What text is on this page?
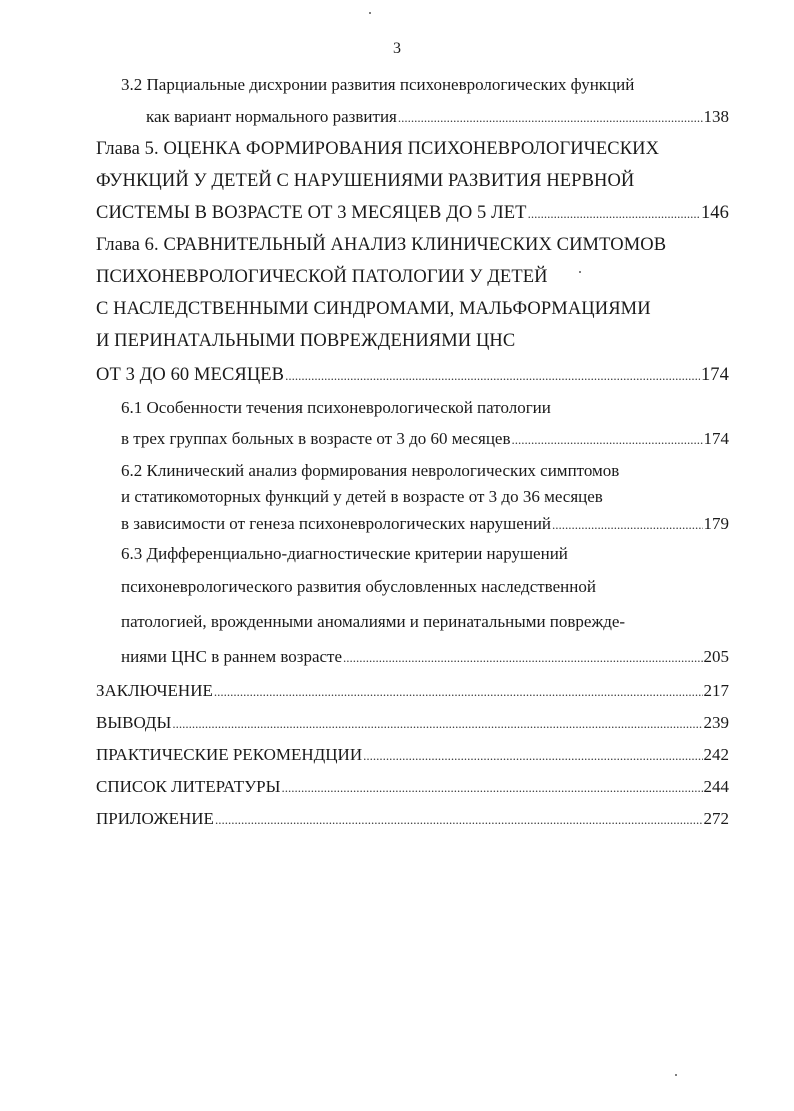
3
3.2 Парциальные дисхронии развития психоневрологических функций
как вариант нормального развития .....	138
Глава 5. ОЦЕНКА ФОРМИРОВАНИЯ ПСИХОНЕВРОЛОГИЧЕСКИХ
ФУНКЦИЙ У ДЕТЕЙ С НАРУШЕНИЯМИ РАЗВИТИЯ НЕРВНОЙ
СИСТЕМЫ В ВОЗРАСТЕ ОТ 3 МЕСЯЦЕВ ДО 5 ЛЕТ .....	146
Глава 6. СРАВНИТЕЛЬНЫЙ АНАЛИЗ КЛИНИЧЕСКИХ СИМТОМОВ
ПСИХОНЕВРОЛОГИЧЕСКОЙ ПАТОЛОГИИ У ДЕТЕЙ
С НАСЛЕДСТВЕННЫМИ СИНДРОМАМИ, МАЛЬФОРМАЦИЯМИ
И ПЕРИНАТАЛЬНЫМИ ПОВРЕЖДЕНИЯМИ ЦНС
ОТ 3 ДО 60 МЕСЯЦЕВ .....	174
6.1 Особенности течения психоневрологической патологии
в трех группах больных в возрасте от 3 до 60 месяцев .....	174
6.2 Клинический анализ формирования неврологических симптомов
и статикомоторных функций у детей в возрасте от 3 до 36 месяцев
в зависимости от генеза психоневрологических нарушений .....	179
6.3 Дифференциально-диагностические критерии нарушений
психоневрологического развития обусловленных наследственной
патологией, врожденными аномалиями и перинатальными поврежде-
ниями ЦНС в раннем возрасте .....	205
ЗАКЛЮЧЕНИЕ .....	217
ВЫВОДЫ .....	239
ПРАКТИЧЕСКИЕ РЕКОМЕНДЦИИ .....	242
СПИСОК ЛИТЕРАТУРЫ .....	244
ПРИЛОЖЕНИЕ .....	272
